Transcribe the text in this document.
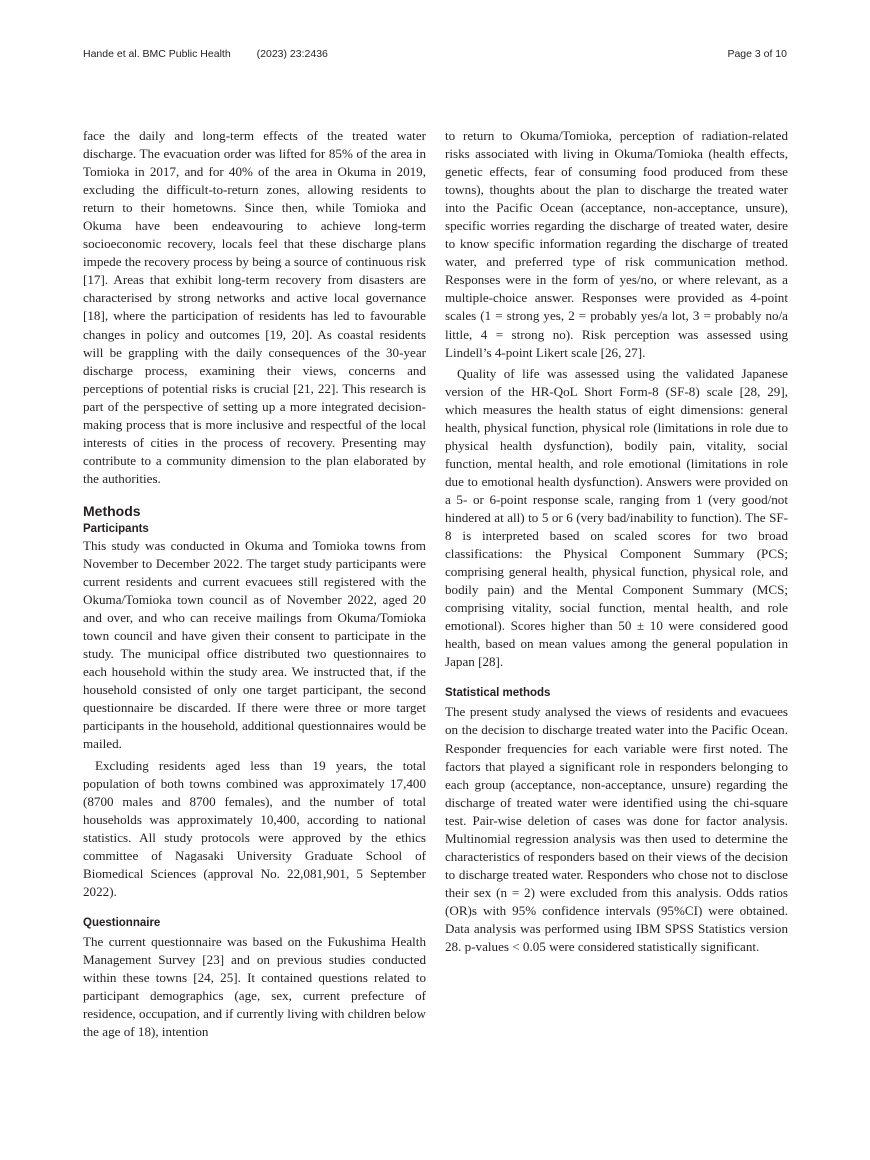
Hande et al. BMC Public Health (2023) 23:2436	Page 3 of 10

face the daily and long-term effects of the treated water discharge. The evacuation order was lifted for 85% of the area in Tomioka in 2017, and for 40% of the area in Okuma in 2019, excluding the difficult-to-return zones, allowing residents to return to their hometowns. Since then, while Tomioka and Okuma have been endeavouring to achieve long-term socioeconomic recovery, locals feel that these discharge plans impede the recovery process by being a source of continuous risk [17]. Areas that exhibit long-term recovery from disasters are characterised by strong networks and active local governance [18], where the participation of residents has led to favourable changes in policy and outcomes [19, 20]. As coastal residents will be grappling with the daily consequences of the 30-year discharge process, examining their views, concerns and perceptions of potential risks is crucial [21, 22]. This research is part of the perspective of setting up a more integrated decision-making process that is more inclusive and respectful of the local interests of cities in the process of recovery. Presenting may contribute to a community dimension to the plan elaborated by the authorities.

Methods
Participants

This study was conducted in Okuma and Tomioka towns from November to December 2022. The target study participants were current residents and current evacuees still registered with the Okuma/Tomioka town council as of November 2022, aged 20 and over, and who can receive mailings from Okuma/Tomioka town council and have given their consent to participate in the study. The municipal office distributed two questionnaires to each household within the study area. We instructed that, if the household consisted of only one target participant, the second questionnaire be discarded. If there were three or more target participants in the household, additional questionnaires would be mailed.

Excluding residents aged less than 19 years, the total population of both towns combined was approximately 17,400 (8700 males and 8700 females), and the number of total households was approximately 10,400, according to national statistics. All study protocols were approved by the ethics committee of Nagasaki University Graduate School of Biomedical Sciences (approval No. 22,081,901, 5 September 2022).

Questionnaire

The current questionnaire was based on the Fukushima Health Management Survey [23] and on previous studies conducted within these towns [24, 25]. It contained questions related to participant demographics (age, sex, current prefecture of residence, occupation, and if currently living with children below the age of 18), intention

to return to Okuma/Tomioka, perception of radiation-related risks associated with living in Okuma/Tomioka (health effects, genetic effects, fear of consuming food produced from these towns), thoughts about the plan to discharge the treated water into the Pacific Ocean (acceptance, non-acceptance, unsure), specific worries regarding the discharge of treated water, desire to know specific information regarding the discharge of treated water, and preferred type of risk communication method. Responses were in the form of yes/no, or where relevant, as a multiple-choice answer. Responses were provided as 4-point scales (1 = strong yes, 2 = probably yes/a lot, 3 = probably no/a little, 4 = strong no). Risk perception was assessed using Lindell’s 4-point Likert scale [26, 27].

Quality of life was assessed using the validated Japanese version of the HR-QoL Short Form-8 (SF-8) scale [28, 29], which measures the health status of eight dimensions: general health, physical function, physical role (limitations in role due to physical health dysfunction), bodily pain, vitality, social function, mental health, and role emotional (limitations in role due to emotional health dysfunction). Answers were provided on a 5- or 6-point response scale, ranging from 1 (very good/not hindered at all) to 5 or 6 (very bad/inability to function). The SF-8 is interpreted based on scaled scores for two broad classifications: the Physical Component Summary (PCS; comprising general health, physical function, physical role, and bodily pain) and the Mental Component Summary (MCS; comprising vitality, social function, mental health, and role emotional). Scores higher than 50 ± 10 were considered good health, based on mean values among the general population in Japan [28].

Statistical methods

The present study analysed the views of residents and evacuees on the decision to discharge treated water into the Pacific Ocean. Responder frequencies for each variable were first noted. The factors that played a significant role in responders belonging to each group (acceptance, non-acceptance, unsure) regarding the discharge of treated water were identified using the chi-square test. Pair-wise deletion of cases was done for factor analysis. Multinomial regression analysis was then used to determine the characteristics of responders based on their views of the decision to discharge treated water. Responders who chose not to disclose their sex (n = 2) were excluded from this analysis. Odds ratios (OR)s with 95% confidence intervals (95%CI) were obtained. Data analysis was performed using IBM SPSS Statistics version 28. p-values < 0.05 were considered statistically significant.
